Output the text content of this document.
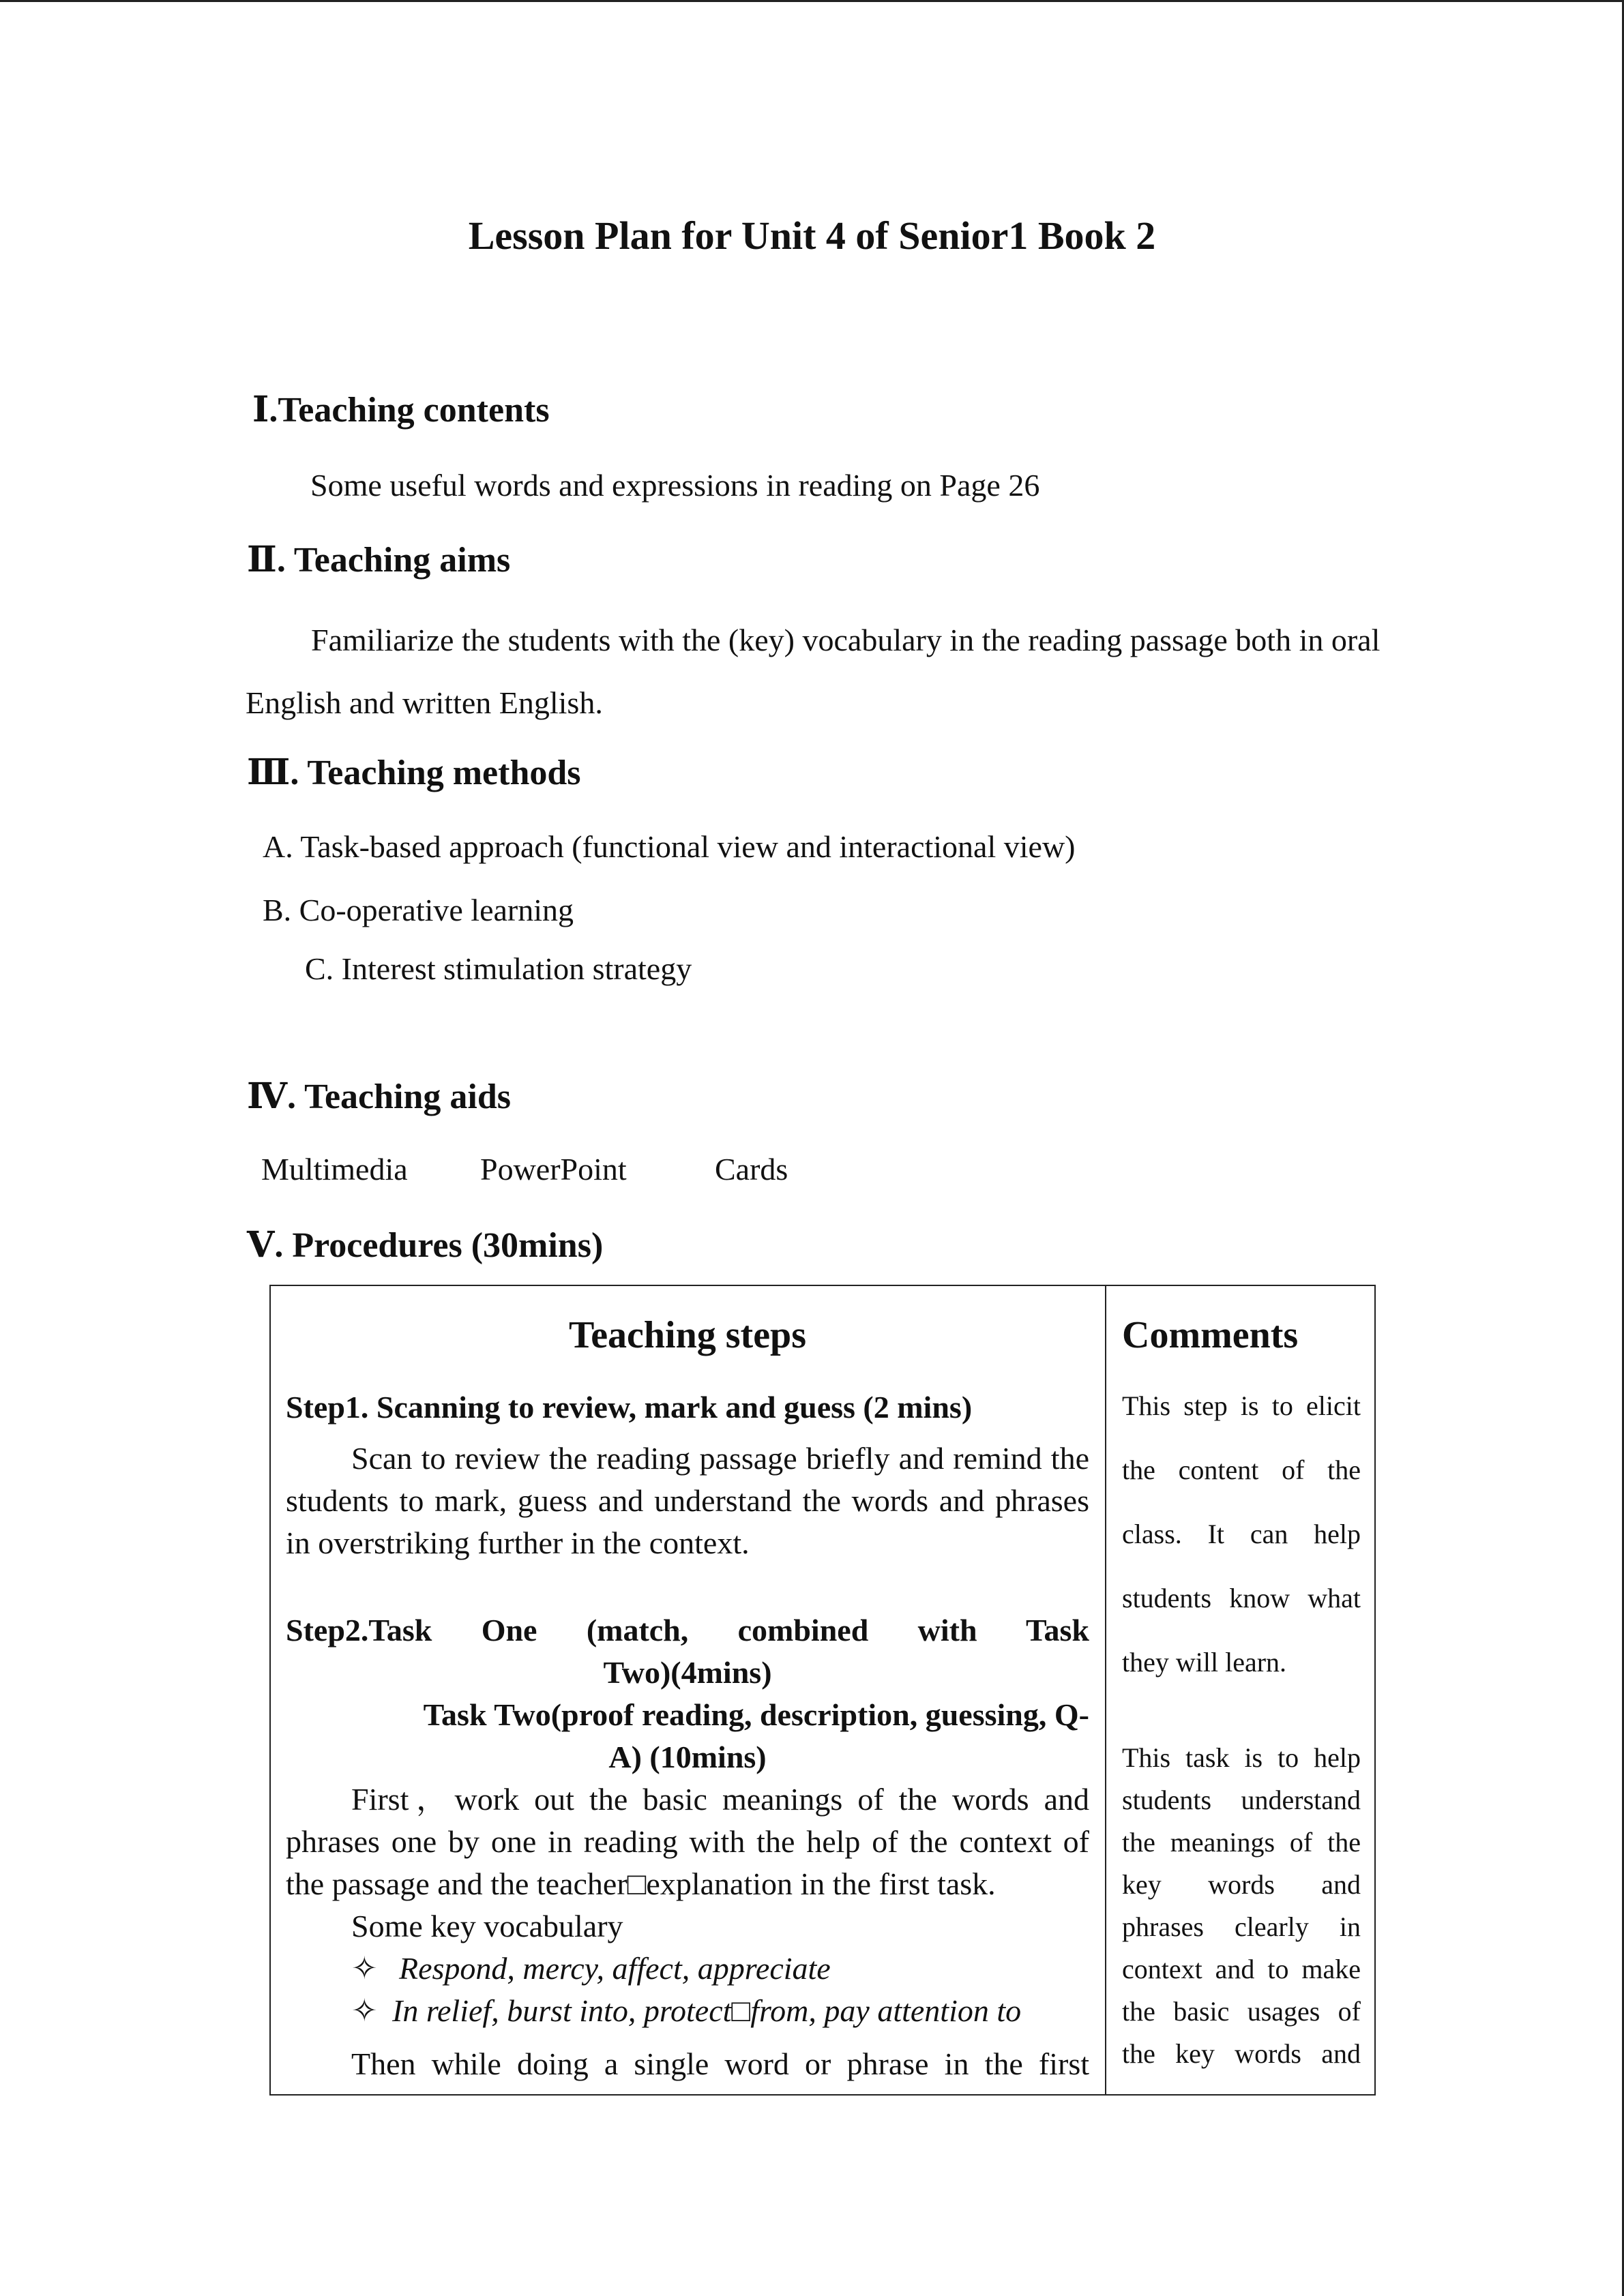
Lesson Plan for Unit 4 of Senior1 Book 2
Ⅰ.Teaching contents
Some useful words and expressions in reading on Page 26
Ⅱ. Teaching aims
Familiarize the students with the (key) vocabulary in the reading passage both in oral English and written English.
Ⅲ. Teaching methods
A. Task-based approach (functional view and interactional view)
B. Co-operative learning
C. Interest stimulation strategy
Ⅳ. Teaching aids
Multimedia PowerPoint	Cards
Ⅴ. Procedures (30mins)
Teaching steps
Step1. Scanning to review, mark and guess (2 mins)
Scan to review the reading passage briefly and remind the students to mark, guess and understand the words and phrases in overstriking further in the context.
Step2.Task    One    (match,    combined    with    Task
Two)(4mins)
Task Two(proof reading, description, guessing, Q-
A) (10mins)
First，work out the basic meanings of the words and phrases one by one in reading with the help of the context of the passage and the teacher□explanation in the first task.
Some key vocabulary
✧ Respond, mercy, affect, appreciate
✧ In relief, burst into, protect□from, pay attention to
Then while doing a single word or phrase in the first
Comments
This step is to elicit
the content of the
class. It can help
students know what
they will learn.
This task is to help
students understand
the meanings of the
key words and
phrases clearly in
context and to make
the basic usages of
the key words and
